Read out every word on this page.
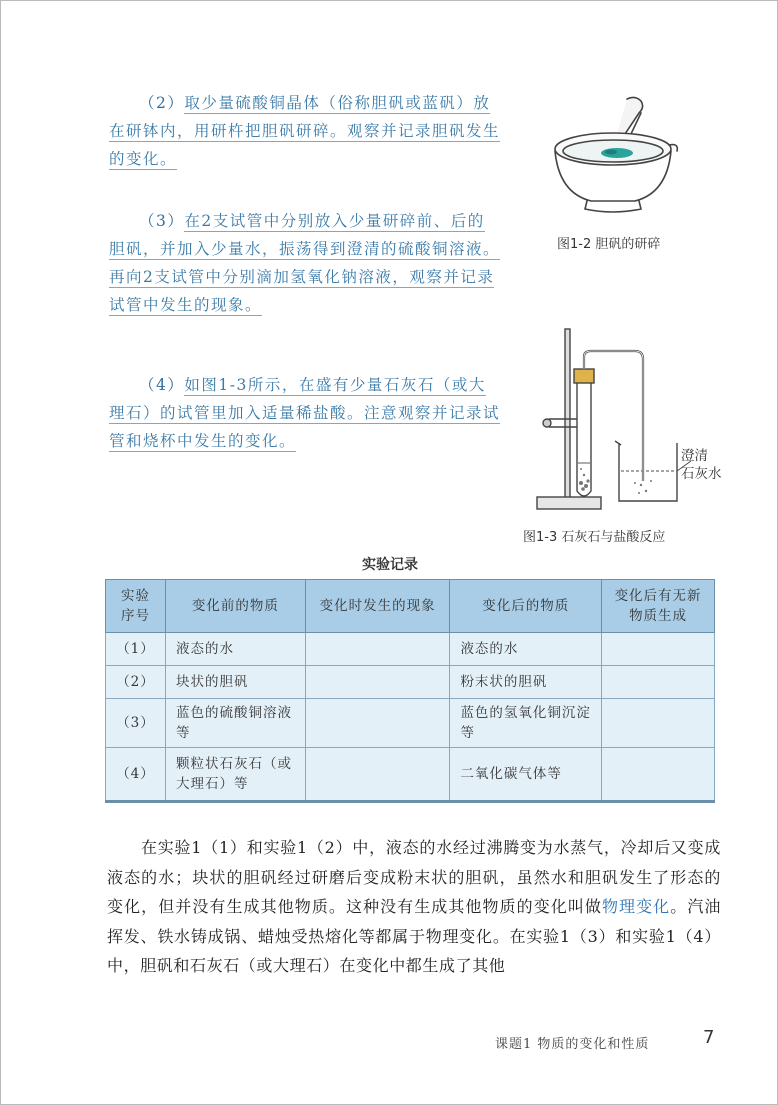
（2）取少量硫酸铜晶体（俗称胆矾或蓝矾）放在研钵内，用研杵把胆矾研碎。观察并记录胆矾发生的变化。
（3）在2支试管中分别放入少量研碎前、后的胆矾，并加入少量水，振荡得到澄清的硫酸铜溶液。再向2支试管中分别滴加氢氧化钠溶液，观察并记录试管中发生的现象。
（4）如图1-3所示，在盛有少量石灰石（或大理石）的试管里加入适量稀盐酸。注意观察并记录试管和烧杯中发生的变化。
图1-2 胆矾的研碎
澄清
石灰水
图1-3 石灰石与盐酸反应
实验记录
实验序号	变化前的物质	变化时发生的现象	变化后的物质	变化后有无新物质生成
（1）	液态的水		液态的水	
（2）	块状的胆矾		粉末状的胆矾	
（3）	蓝色的硫酸铜溶液等		蓝色的氢氧化铜沉淀等	
（4）	颗粒状石灰石（或大理石）等		二氧化碳气体等	
在实验1（1）和实验1（2）中，液态的水经过沸腾变为水蒸气，冷却后又变成液态的水；块状的胆矾经过研磨后变成粉末状的胆矾，虽然水和胆矾发生了形态的变化，但并没有生成其他物质。这种没有生成其他物质的变化叫做物理变化。汽油挥发、铁水铸成锅、蜡烛受热熔化等都属于物理变化。在实验1（3）和实验1（4）中，胆矾和石灰石（或大理石）在变化中都生成了其他
课题1 物质的变化和性质	7
